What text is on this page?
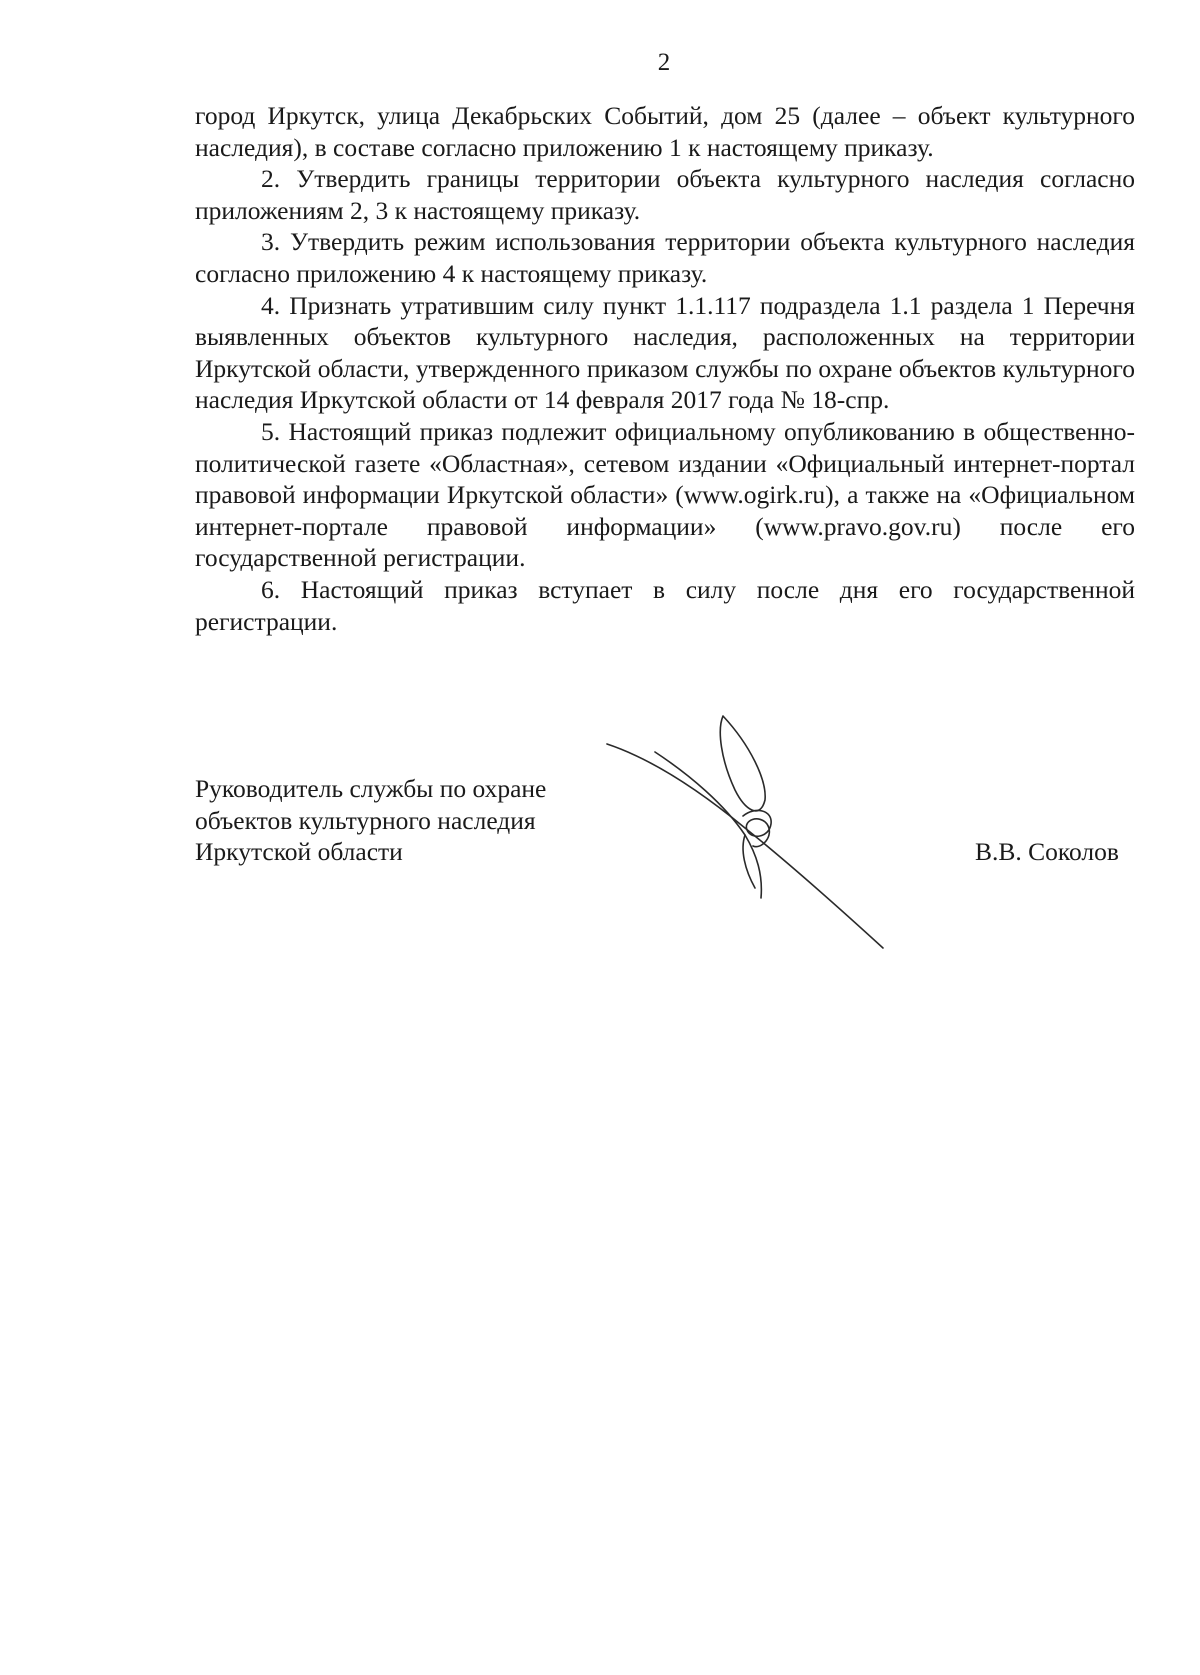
2

город Иркутск, улица Декабрьских Событий, дом 25 (далее – объект культурного наследия), в составе согласно приложению 1 к настоящему приказу.

2. Утвердить границы территории объекта культурного наследия согласно приложениям 2, 3 к настоящему приказу.

3. Утвердить режим использования территории объекта культурного наследия согласно приложению 4 к настоящему приказу.

4. Признать утратившим силу пункт 1.1.117 подраздела 1.1 раздела 1 Перечня выявленных объектов культурного наследия, расположенных на территории Иркутской области, утвержденного приказом службы по охране объектов культурного наследия Иркутской области от 14 февраля 2017 года № 18-спр.

5. Настоящий приказ подлежит официальному опубликованию в общественно-политической газете «Областная», сетевом издании «Официальный интернет-портал правовой информации Иркутской области» (www.ogirk.ru), а также на «Официальном интернет-портале правовой информации» (www.pravo.gov.ru) после его государственной регистрации.

6. Настоящий приказ вступает в силу после дня его государственной регистрации.

Руководитель службы по охране
объектов культурного наследия
Иркутской области	В.В. Соколов
